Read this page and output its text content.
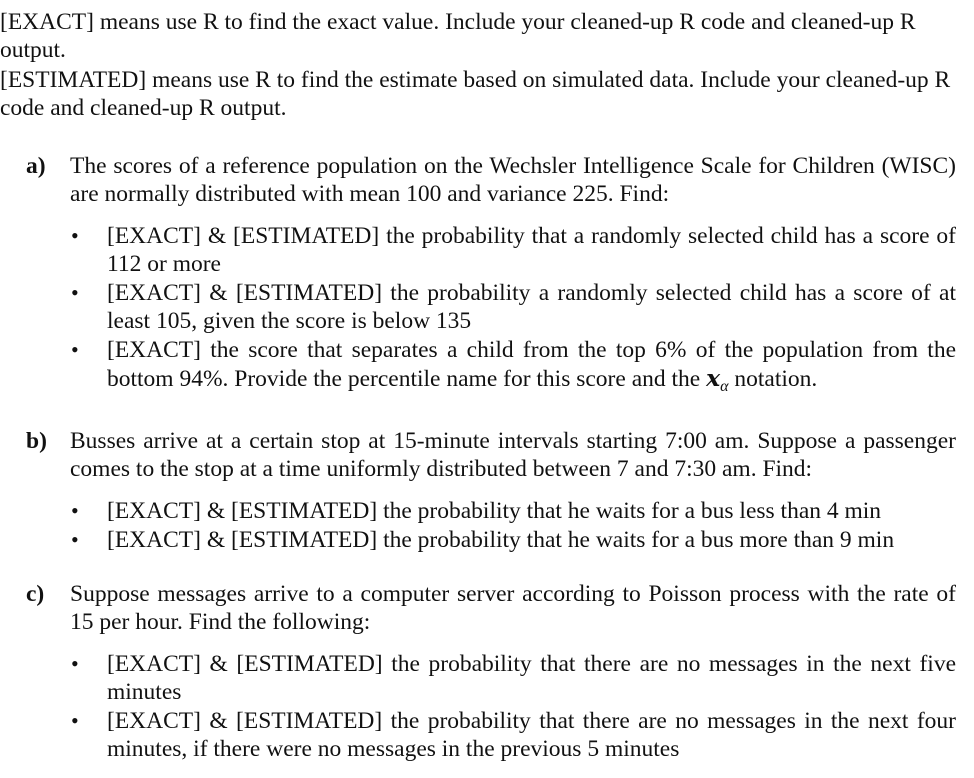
[EXACT] means use R to find the exact value. Include your cleaned-up R code and cleaned-up R output.

[ESTIMATED] means use R to find the estimate based on simulated data. Include your cleaned-up R code and cleaned-up R output.

a) The scores of a reference population on the Wechsler Intelligence Scale for Children (WISC) are normally distributed with mean 100 and variance 225. Find:

• [EXACT] & [ESTIMATED] the probability that a randomly selected child has a score of 112 or more
• [EXACT] & [ESTIMATED] the probability a randomly selected child has a score of at least 105, given the score is below 135
• [EXACT] the score that separates a child from the top 6% of the population from the bottom 94%. Provide the percentile name for this score and the $x_\alpha$ notation.
b) Busses arrive at a certain stop at 15-minute intervals starting 7:00 am. Suppose a passenger comes to the stop at a time uniformly distributed between 7 and 7:30 am. Find:

• [EXACT] & [ESTIMATED] the probability that he waits for a bus less than 4 min
• [EXACT] & [ESTIMATED] the probability that he waits for a bus more than 9 min
c) Suppose messages arrive to a computer server according to Poisson process with the rate of 15 per hour. Find the following:

• [EXACT] & [ESTIMATED] the probability that there are no messages in the next five minutes
• [EXACT] & [ESTIMATED] the probability that there are no messages in the next four minutes, if there were no messages in the previous 5 minutes
